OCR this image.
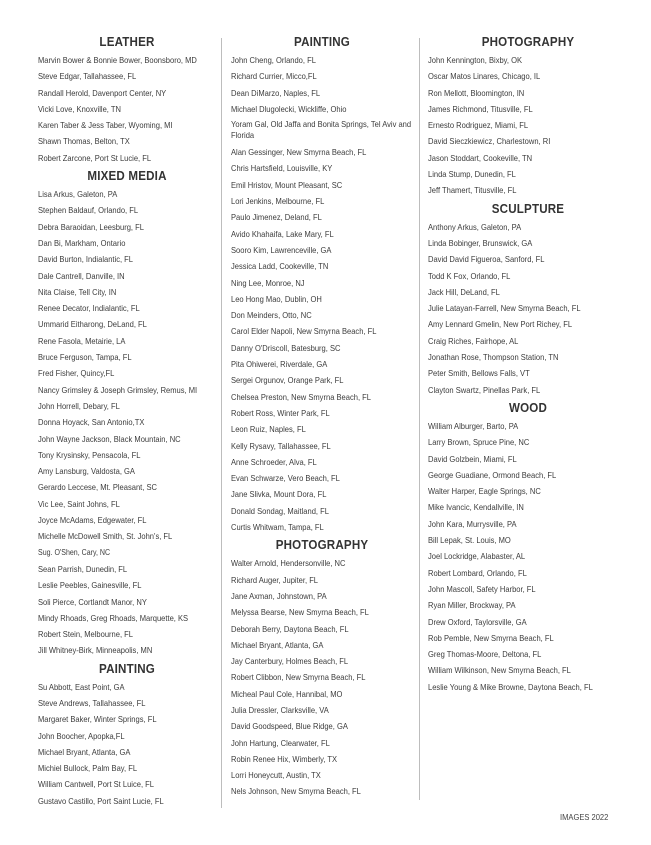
LEATHER
Marvin Bower & Bonnie Bower, Boonsboro, MD
Steve Edgar, Tallahassee, FL
Randall Herold, Davenport Center, NY
Vicki Love, Knoxville, TN
Karen Taber & Jess Taber, Wyoming, MI
Shawn Thomas, Belton, TX
Robert Zarcone, Port St Lucie, FL
MIXED MEDIA
Lisa Arkus, Galeton, PA
Stephen Baldauf, Orlando, FL
Debra Baraoidan, Leesburg, FL
Dan Bi, Markham, Ontario
David Burton, Indialantic, FL
Dale Cantrell, Danville, IN
Nita Claise, Tell City, IN
Renee Decator, Indialantic, FL
Ummarid Eitharong, DeLand, FL
Rene Fasola, Metairie, LA
Bruce Ferguson, Tampa, FL
Fred Fisher, Quincy,FL
Nancy Grimsley & Joseph Grimsley, Remus, MI
John Horrell, Debary, FL
Donna Hoyack, San Antonio,TX
John Wayne Jackson, Black Mountain, NC
Tony Krysinsky, Pensacola, FL
Amy Lansburg, Valdosta, GA
Gerardo Leccese, Mt. Pleasant, SC
Vic Lee, Saint Johns, FL
Joyce McAdams, Edgewater, FL
Michelle McDowell Smith, St. John's, FL
Sug. O'Shen, Cary, NC
Sean Parrish, Dunedin, FL
Leslie Peebles, Gainesville, FL
Soli Pierce, Cortlandt Manor, NY
Mindy Rhoads, Greg Rhoads, Marquette, KS
Robert Stein, Melbourne, FL
Jill Whitney-Birk, Minneapolis, MN
PAINTING
Su Abbott, East Point, GA
Steve Andrews, Tallahassee, FL
Margaret Baker, Winter Springs, FL
John Boocher, Apopka,FL
Michael Bryant, Atlanta, GA
Michiel Bullock, Palm Bay, FL
William Cantwell, Port St Luice, FL
Gustavo Castillo, Port Saint Lucie, FL
PAINTING
John Cheng, Orlando, FL
Richard Currier, Micco,FL
Dean DiMarzo, Naples, FL
Michael Dlugolecki, Wickliffe, Ohio
Yoram Gal, Old Jaffa and Bonita Springs, Tel Aviv and Florida
Alan Gessinger, New Smyrna Beach, FL
Chris Hartsfield, Louisville, KY
Emil Hristov, Mount Pleasant, SC
Lori Jenkins, Melbourne, FL
Paulo Jimenez, Deland, FL
Avido Khahaifa, Lake Mary, FL
Sooro Kim, Lawrenceville, GA
Jessica Ladd, Cookeville, TN
Ning Lee, Monroe, NJ
Leo Hong Mao, Dublin, OH
Don Meinders, Otto, NC
Carol Elder Napoli, New Smyrna Beach, FL
Danny O'Driscoll, Batesburg, SC
Pita Ohiwerei, Riverdale, GA
Sergei Orgunov, Orange Park, FL
Chelsea Preston, New Smyrna Beach, FL
Robert Ross, Winter Park, FL
Leon Ruiz, Naples, FL
Kelly Rysavy, Tallahassee, FL
Anne Schroeder, Alva, FL
Evan Schwarze, Vero Beach, FL
Jane Slivka, Mount Dora, FL
Donald Sondag, Maitland, FL
Curtis Whitwam, Tampa, FL
PHOTOGRAPHY
Walter Arnold, Hendersonville, NC
Richard Auger, Jupiter, FL
Jane Axman, Johnstown, PA
Melyssa Bearse, New Smyrna Beach, FL
Deborah Berry, Daytona Beach, FL
Michael Bryant, Atlanta, GA
Jay Canterbury, Holmes Beach, FL
Robert Clibbon, New Smyrna Beach, FL
Micheal Paul Cole, Hannibal, MO
Julia Dressler, Clarksville, VA
David Goodspeed, Blue Ridge, GA
John Hartung, Clearwater, FL
Robin Renee Hix, Wimberly, TX
Lorri Honeycutt, Austin, TX
Nels Johnson, New Smyrna Beach, FL
PHOTOGRAPHY
John Kennington, Bixby, OK
Oscar Matos Linares, Chicago, IL
Ron Mellott, Bloomington, IN
James Richmond, Titusville, FL
Ernesto Rodriguez, Miami, FL
David Sieczkiewicz, Charlestown, RI
Jason Stoddart, Cookeville, TN
Linda Stump, Dunedin, FL
Jeff Thamert, Titusville, FL
SCULPTURE
Anthony Arkus, Galeton, PA
Linda Bobinger, Brunswick, GA
David David Figueroa, Sanford, FL
Todd K Fox, Orlando, FL
Jack Hill, DeLand, FL
Julie Latayan-Farrell, New Smyrna Beach, FL
Amy Lennard Gmelin, New Port Richey, FL
Craig Riches, Fairhope, AL
Jonathan Rose, Thompson Station, TN
Peter Smith, Bellows Falls, VT
Clayton Swartz, Pinellas Park, FL
WOOD
William Alburger, Barto, PA
Larry Brown, Spruce Pine, NC
David Golzbein, Miami, FL
George Guadiane, Ormond Beach, FL
Walter Harper, Eagle Springs, NC
Mike Ivancic, Kendallville, IN
John Kara, Murrysville, PA
Bill Lepak, St. Louis, MO
Joel Lockridge, Alabaster, AL
Robert Lombard, Orlando, FL
John Mascoll, Safety Harbor, FL
Ryan Miller, Brockway, PA
Drew Oxford, Taylorsville, GA
Rob Pemble, New Smyrna Beach, FL
Greg Thomas-Moore, Deltona, FL
William Wilkinson, New Smyrna Beach, FL
Leslie Young & Mike Browne, Daytona Beach, FL
IMAGES 2022
